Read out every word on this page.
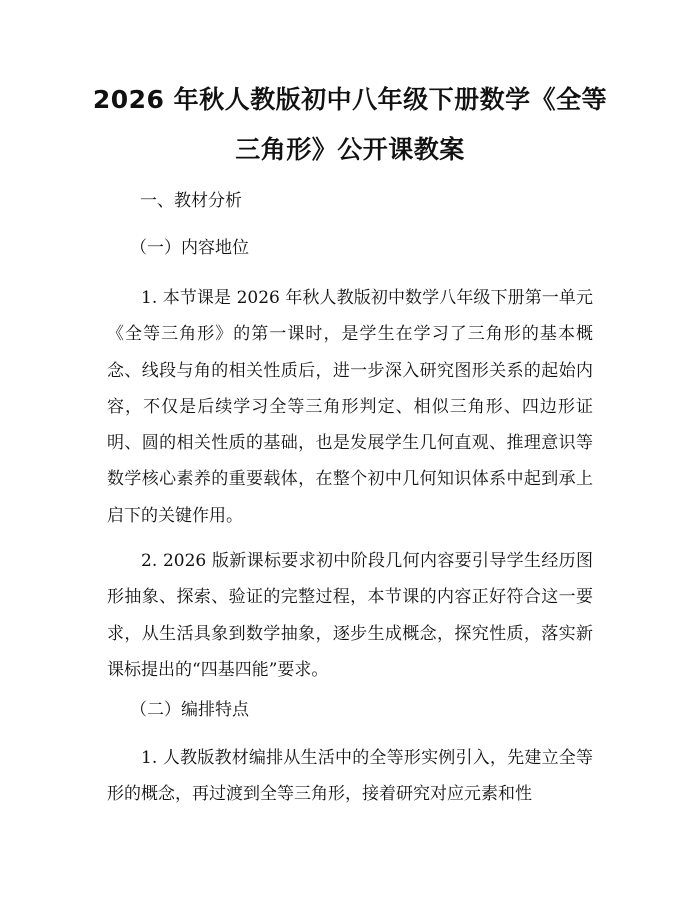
2026 年秋人教版初中八年级下册数学《全等
三角形》公开课教案
一、教材分析
（一）内容地位

1. 本节课是 2026 年秋人教版初中数学八年级下册第一单元《全等三角形》的第一课时，是学生在学习了三角形的基本概念、线段与角的相关性质后，进一步深入研究图形关系的起始内容，不仅是后续学习全等三角形判定、相似三角形、四边形证明、圆的相关性质的基础，也是发展学生几何直观、推理意识等数学核心素养的重要载体，在整个初中几何知识体系中起到承上启下的关键作用。

2. 2026 版新课标要求初中阶段几何内容要引导学生经历图形抽象、探索、验证的完整过程，本节课的内容正好符合这一要求，从生活具象到数学抽象，逐步生成概念，探究性质，落实新课标提出的“四基四能”要求。

（二）编排特点

1. 人教版教材编排从生活中的全等形实例引入，先建立全等形的概念，再过渡到全等三角形，接着研究对应元素和性
